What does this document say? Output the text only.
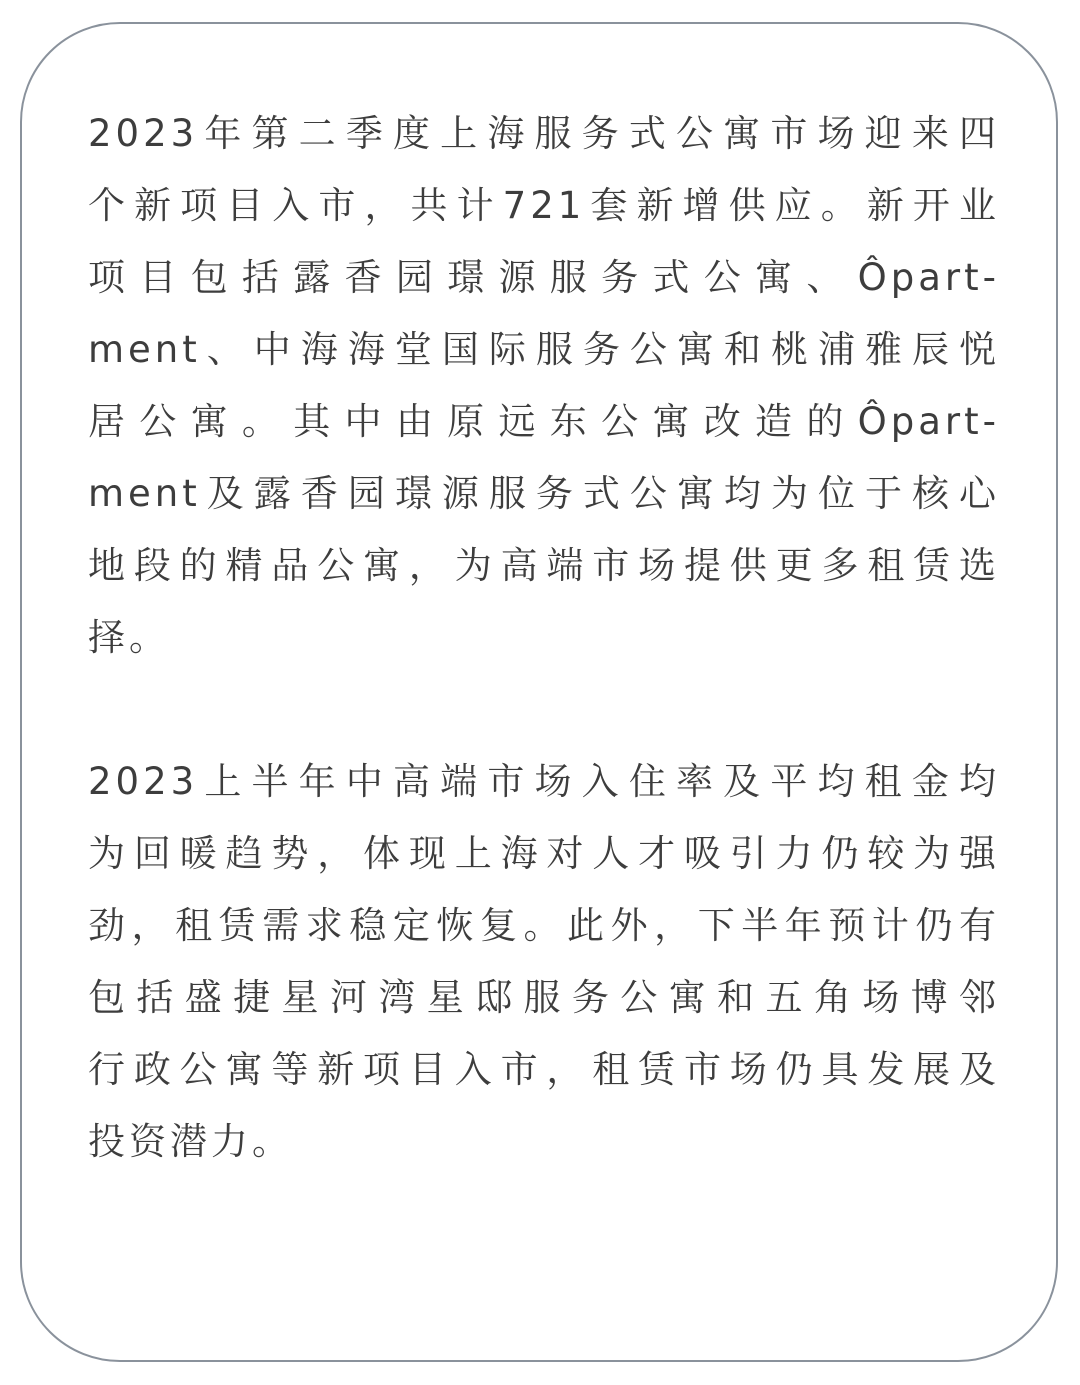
2023年第二季度上海服务式公寓市场迎来四
个新项目入市，共计721套新增供应。新开业
项目包括露香园璟源服务式公寓、Ôpart-
ment、中海海堂国际服务公寓和桃浦雅辰悦
居公寓。其中由原远东公寓改造的Ôpart-
ment及露香园璟源服务式公寓均为位于核心
地段的精品公寓，为高端市场提供更多租赁选
择。
2023上半年中高端市场入住率及平均租金均
为回暖趋势，体现上海对人才吸引力仍较为强
劲，租赁需求稳定恢复。此外，下半年预计仍有
包括盛捷星河湾星邸服务公寓和五角场博邻
行政公寓等新项目入市，租赁市场仍具发展及
投资潜力。
